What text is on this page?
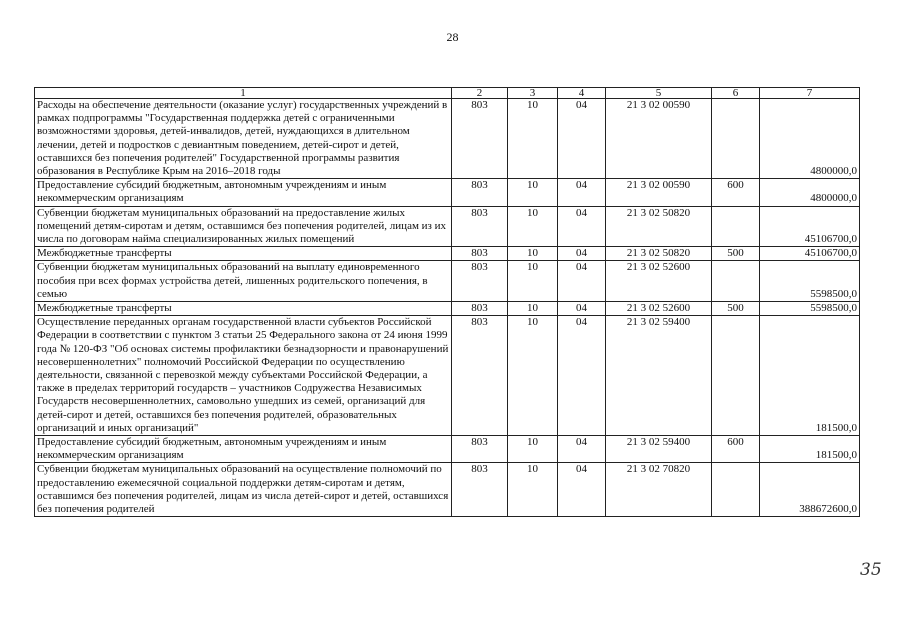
28
1	2	3	4	5	6	7
Расходы на обеспечение деятельности (оказание услуг) государственных учреждений в рамках подпрограммы "Государственная поддержка детей с ограниченными возможностями здоровья, детей-инвалидов, детей, нуждающихся в длительном лечении, детей и подростков с девиантным поведением, детей-сирот и детей, оставшихся без попечения родителей" Государственной программы развития образования в Республике Крым на 2016–2018 годы	803	10	04	21 3 02 00590		4800000,0
Предоставление субсидий бюджетным, автономным учреждениям и иным некоммерческим организациям	803	10	04	21 3 02 00590	600	4800000,0
Субвенции бюджетам муниципальных образований на предоставление жилых помещений детям-сиротам и детям, оставшимся без попечения родителей, лицам из их числа по договорам найма специализированных жилых помещений	803	10	04	21 3 02 50820		45106700,0
Межбюджетные трансферты	803	10	04	21 3 02 50820	500	45106700,0
Субвенции бюджетам муниципальных образований на выплату единовременного пособия при всех формах устройства детей, лишенных родительского попечения, в семью	803	10	04	21 3 02 52600		5598500,0
Межбюджетные трансферты	803	10	04	21 3 02 52600	500	5598500,0
Осуществление переданных органам государственной власти субъектов Российской Федерации в соответствии с пунктом 3 статьи 25 Федерального закона от 24 июня 1999 года № 120-ФЗ "Об основах системы профилактики безнадзорности и правонарушений несовершеннолетних" полномочий Российской Федерации по осуществлению деятельности, связанной с перевозкой между субъектами Российской Федерации, а также в пределах территорий государств – участников Содружества Независимых Государств несовершеннолетних, самовольно ушедших из семей, организаций для детей-сирот и детей, оставшихся без попечения родителей, образовательных организаций и иных организаций"	803	10	04	21 3 02 59400		181500,0
Предоставление субсидий бюджетным, автономным учреждениям и иным некоммерческим организациям	803	10	04	21 3 02 59400	600	181500,0
Субвенции бюджетам муниципальных образований на осуществление полномочий по предоставлению ежемесячной социальной поддержки детям-сиротам и детям, оставшимся без попечения родителей, лицам из числа детей-сирот и детей, оставшихся без попечения родителей	803	10	04	21 3 02 70820		388672600,0
35
